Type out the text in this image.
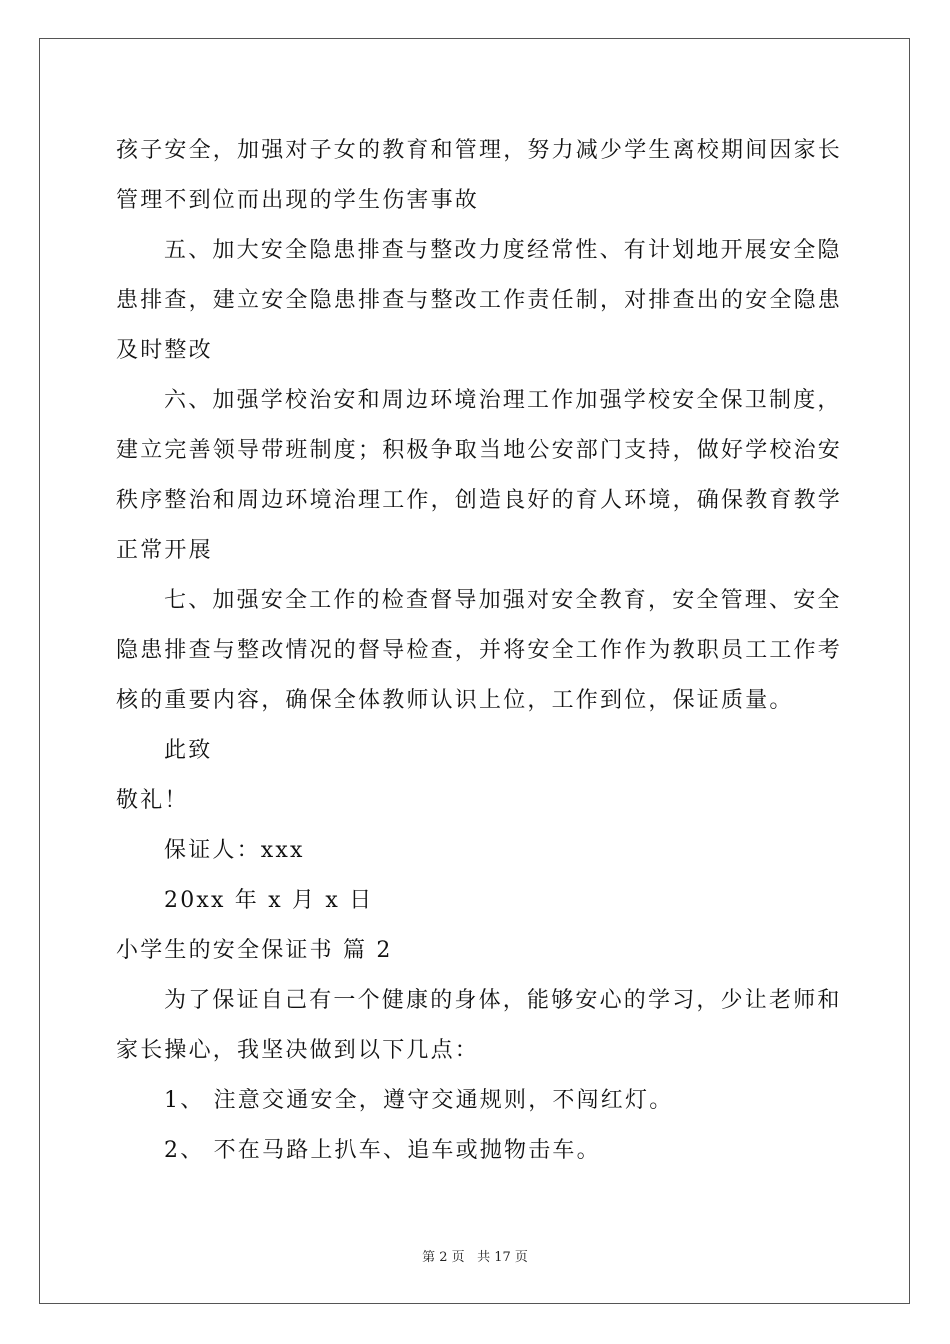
孩子安全，加强对子女的教育和管理，努力减少学生离校期间因家长
管理不到位而出现的学生伤害事故
五、加大安全隐患排查与整改力度经常性、有计划地开展安全隐
患排查，建立安全隐患排查与整改工作责任制，对排查出的安全隐患
及时整改
六、加强学校治安和周边环境治理工作加强学校安全保卫制度，
建立完善领导带班制度；积极争取当地公安部门支持，做好学校治安
秩序整治和周边环境治理工作，创造良好的育人环境，确保教育教学
正常开展
七、加强安全工作的检查督导加强对安全教育，安全管理、安全
隐患排查与整改情况的督导检查，并将安全工作作为教职员工工作考
核的重要内容，确保全体教师认识上位，工作到位，保证质量。
此致
敬礼！
保证人：xxx
20xx 年 x 月 x 日
小学生的安全保证书 篇 2
为了保证自己有一个健康的身体，能够安心的学习，少让老师和
家长操心，我坚决做到以下几点：
1、 注意交通安全，遵守交通规则，不闯红灯。
2、 不在马路上扒车、追车或抛物击车。
第 2 页 共 17 页
